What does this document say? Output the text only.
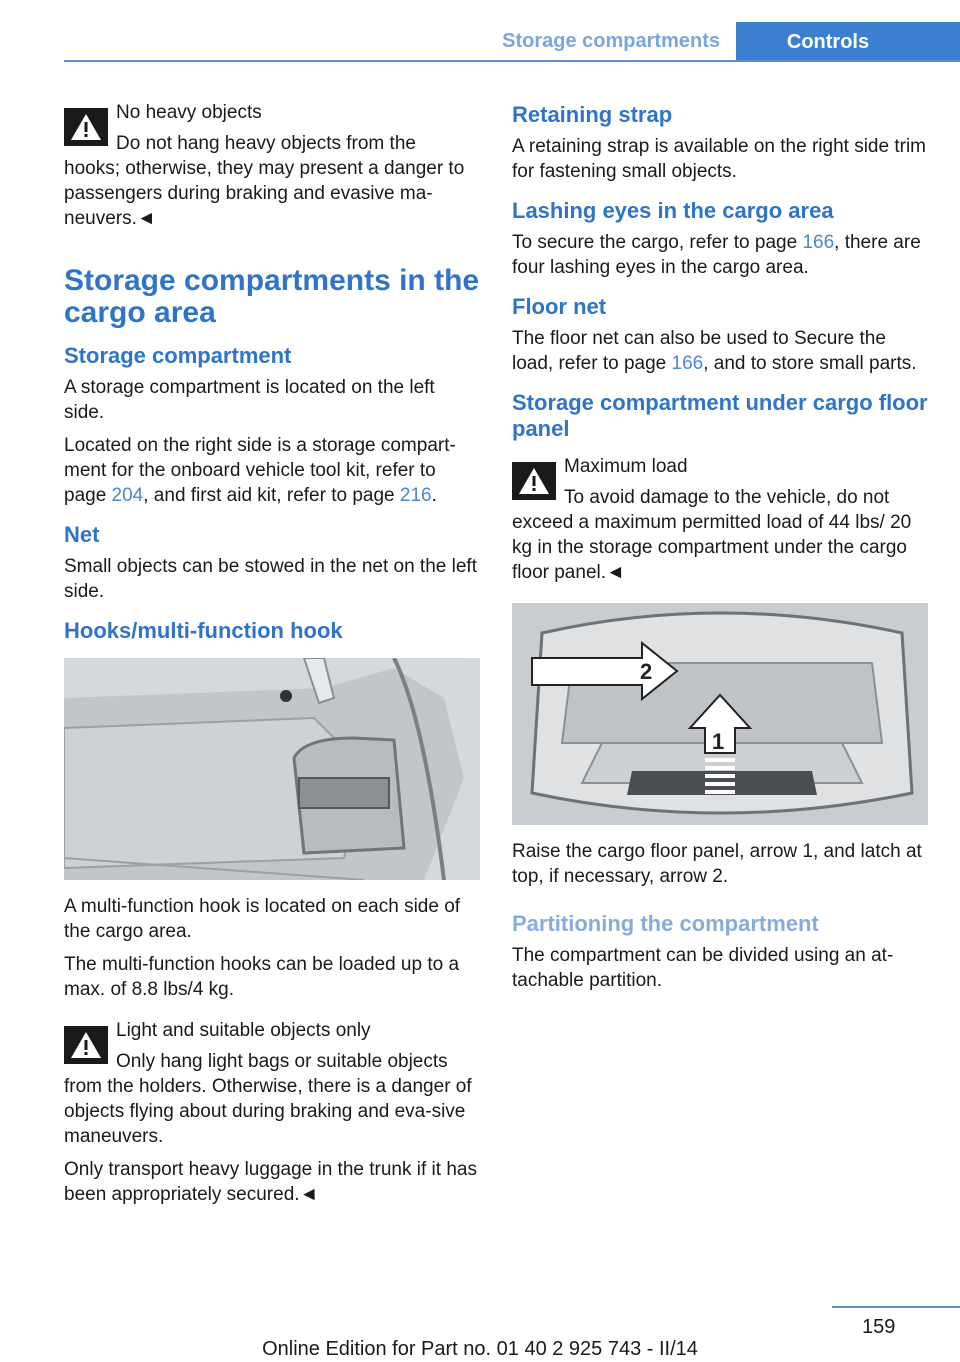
Storage compartments	Controls
No heavy objects
Do not hang heavy objects from the
hooks; otherwise, they may present a danger to passengers during braking and evasive ma-neuvers.◄
Storage compartments in the cargo area
Storage compartment

A storage compartment is located on the left side.

Located on the right side is a storage compart-ment for the onboard vehicle tool kit, refer to page 204, and first aid kit, refer to page 216.

Net

Small objects can be stowed in the net on the left side.

Hooks/multi-function hook

A multi-function hook is located on each side of the cargo area.

The multi-function hooks can be loaded up to a max. of 8.8 lbs/4 kg.

Light and suitable objects only
Only hang light bags or suitable objects
from the holders. Otherwise, there is a danger of objects flying about during braking and eva-sive maneuvers.

Only transport heavy luggage in the trunk if it has been appropriately secured.◄

Retaining strap

A retaining strap is available on the right side trim for fastening small objects.

Lashing eyes in the cargo area

To secure the cargo, refer to page 166, there are four lashing eyes in the cargo area.

Floor net

The floor net can also be used to Secure the load, refer to page 166, and to store small parts.

Storage compartment under cargo floor panel
Maximum load
To avoid damage to the vehicle, do not
exceed a maximum permitted load of 44 lbs/ 20 kg in the storage compartment under the cargo floor panel.◄
2
1

Raise the cargo floor panel, arrow 1, and latch at top, if necessary, arrow 2.

Partitioning the compartment

The compartment can be divided using an at-tachable partition.

159
Online Edition for Part no. 01 40 2 925 743 - II/14
